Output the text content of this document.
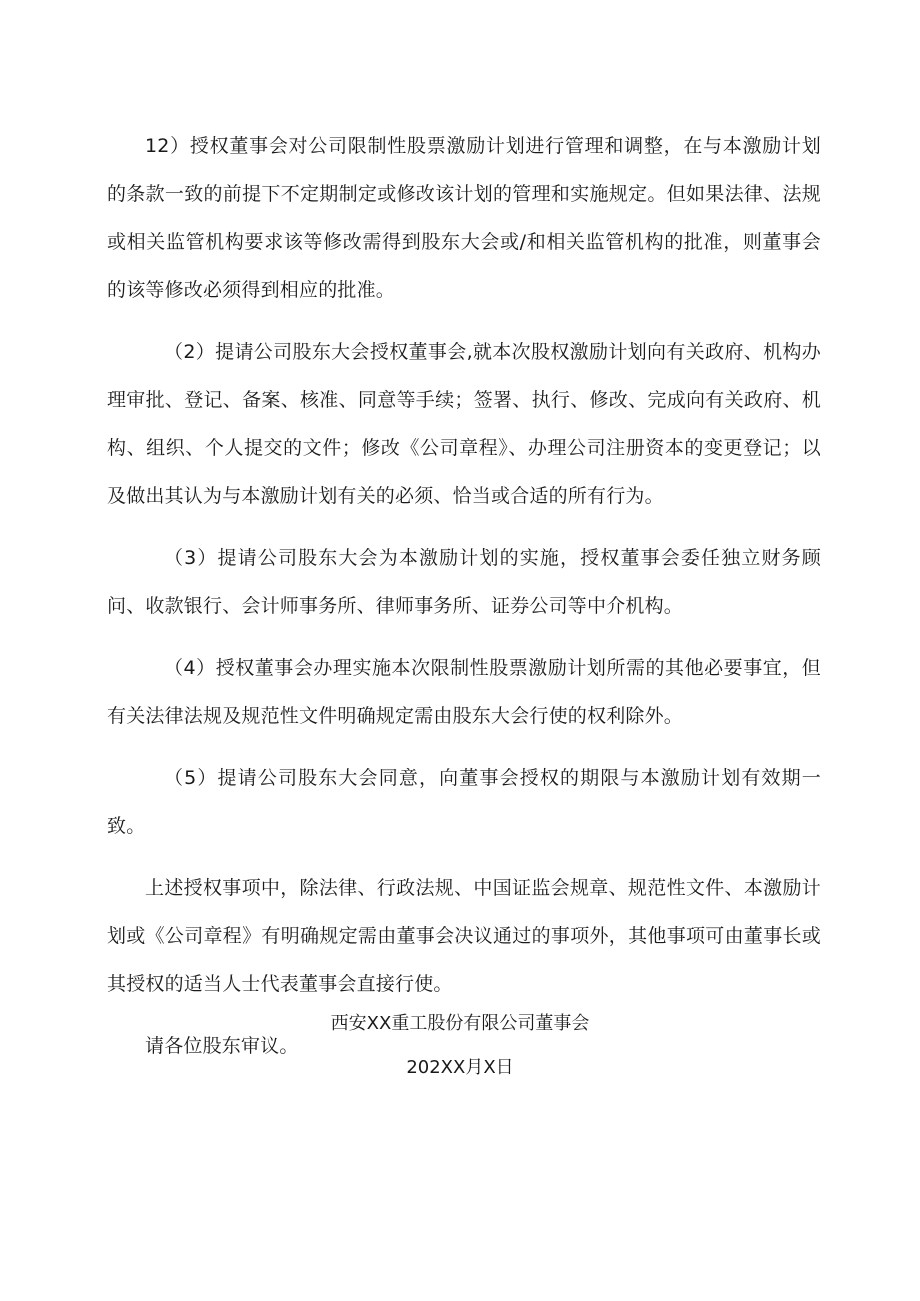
12）授权董事会对公司限制性股票激励计划进行管理和调整，在与本激励计划的条款一致的前提下不定期制定或修改该计划的管理和实施规定。但如果法律、法规或相关监管机构要求该等修改需得到股东大会或/和相关监管机构的批准，则董事会的该等修改必须得到相应的批准。

（2）提请公司股东大会授权董事会,就本次股权激励计划向有关政府、机构办理审批、登记、备案、核准、同意等手续；签署、执行、修改、完成向有关政府、机构、组织、个人提交的文件；修改《公司章程》、办理公司注册资本的变更登记；以及做出其认为与本激励计划有关的必须、恰当或合适的所有行为。

（3）提请公司股东大会为本激励计划的实施，授权董事会委任独立财务顾问、收款银行、会计师事务所、律师事务所、证券公司等中介机构。

（4）授权董事会办理实施本次限制性股票激励计划所需的其他必要事宜，但有关法律法规及规范性文件明确规定需由股东大会行使的权利除外。

（5）提请公司股东大会同意，向董事会授权的期限与本激励计划有效期一致。

上述授权事项中，除法律、行政法规、中国证监会规章、规范性文件、本激励计划或《公司章程》有明确规定需由董事会决议通过的事项外，其他事项可由董事长或其授权的适当人士代表董事会直接行使。

请各位股东审议。

西安XX重工股份有限公司董事会
202XX月X日
